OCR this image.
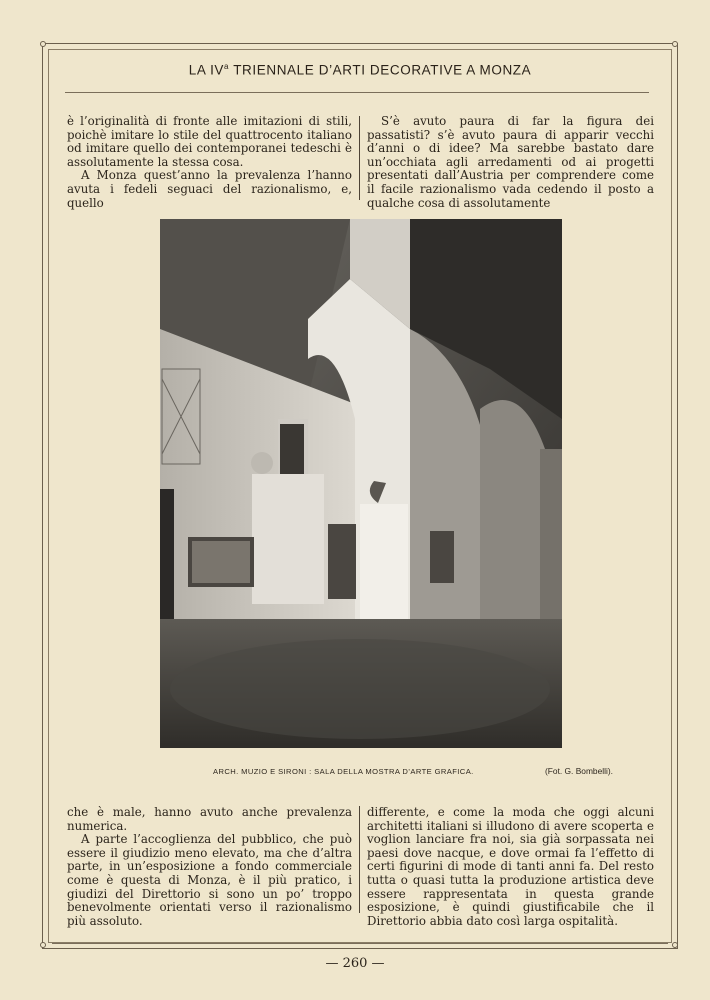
LA $IV^a$ TRIENNALE D’ARTI DECORATIVE A MONZA

è l’originalità di fronte alle imitazioni di stili, poichè imitare lo stile del quattrocento italiano od imitare quello dei contemporanei tedeschi è assolutamente la stessa cosa.

A Monza quest’anno la prevalenza l’hanno avuta i fedeli seguaci del razionalismo, e, quello

S’è avuto paura di far la figura dei passatisti? s’è avuto paura di apparir vecchi d’anni o di idee? Ma sarebbe bastato dare un’occhiata agli arredamenti od ai progetti presentati dall’Austria per comprendere come il facile razionalismo vada cedendo il posto a qualche cosa di assolutamente

ARCH. MUZIO E SIRONI : SALA DELLA MOSTRA D’ARTE GRAFICA.	(Fot. G. Bombelli).

che è male, hanno avuto anche prevalenza numerica.

A parte l’accoglienza del pubblico, che può essere il giudizio meno elevato, ma che d’altra parte, in un’esposizione a fondo commerciale come è questa di Monza, è il più pratico, i giudizi del Direttorio si sono un po’ troppo benevolmente orientati verso il razionalismo più assoluto.

differente, e come la moda che oggi alcuni architetti italiani si illudono di avere scoperta e voglion lanciare fra noi, sia già sorpassata nei paesi dove nacque, e dove ormai fa l’effetto di certi figurini di mode di tanti anni fa. Del resto tutta o quasi tutta la produzione artistica deve essere rappresentata in questa grande esposizione, è quindi giustificabile che il Direttorio abbia dato così larga ospitalità.

— 260 —
